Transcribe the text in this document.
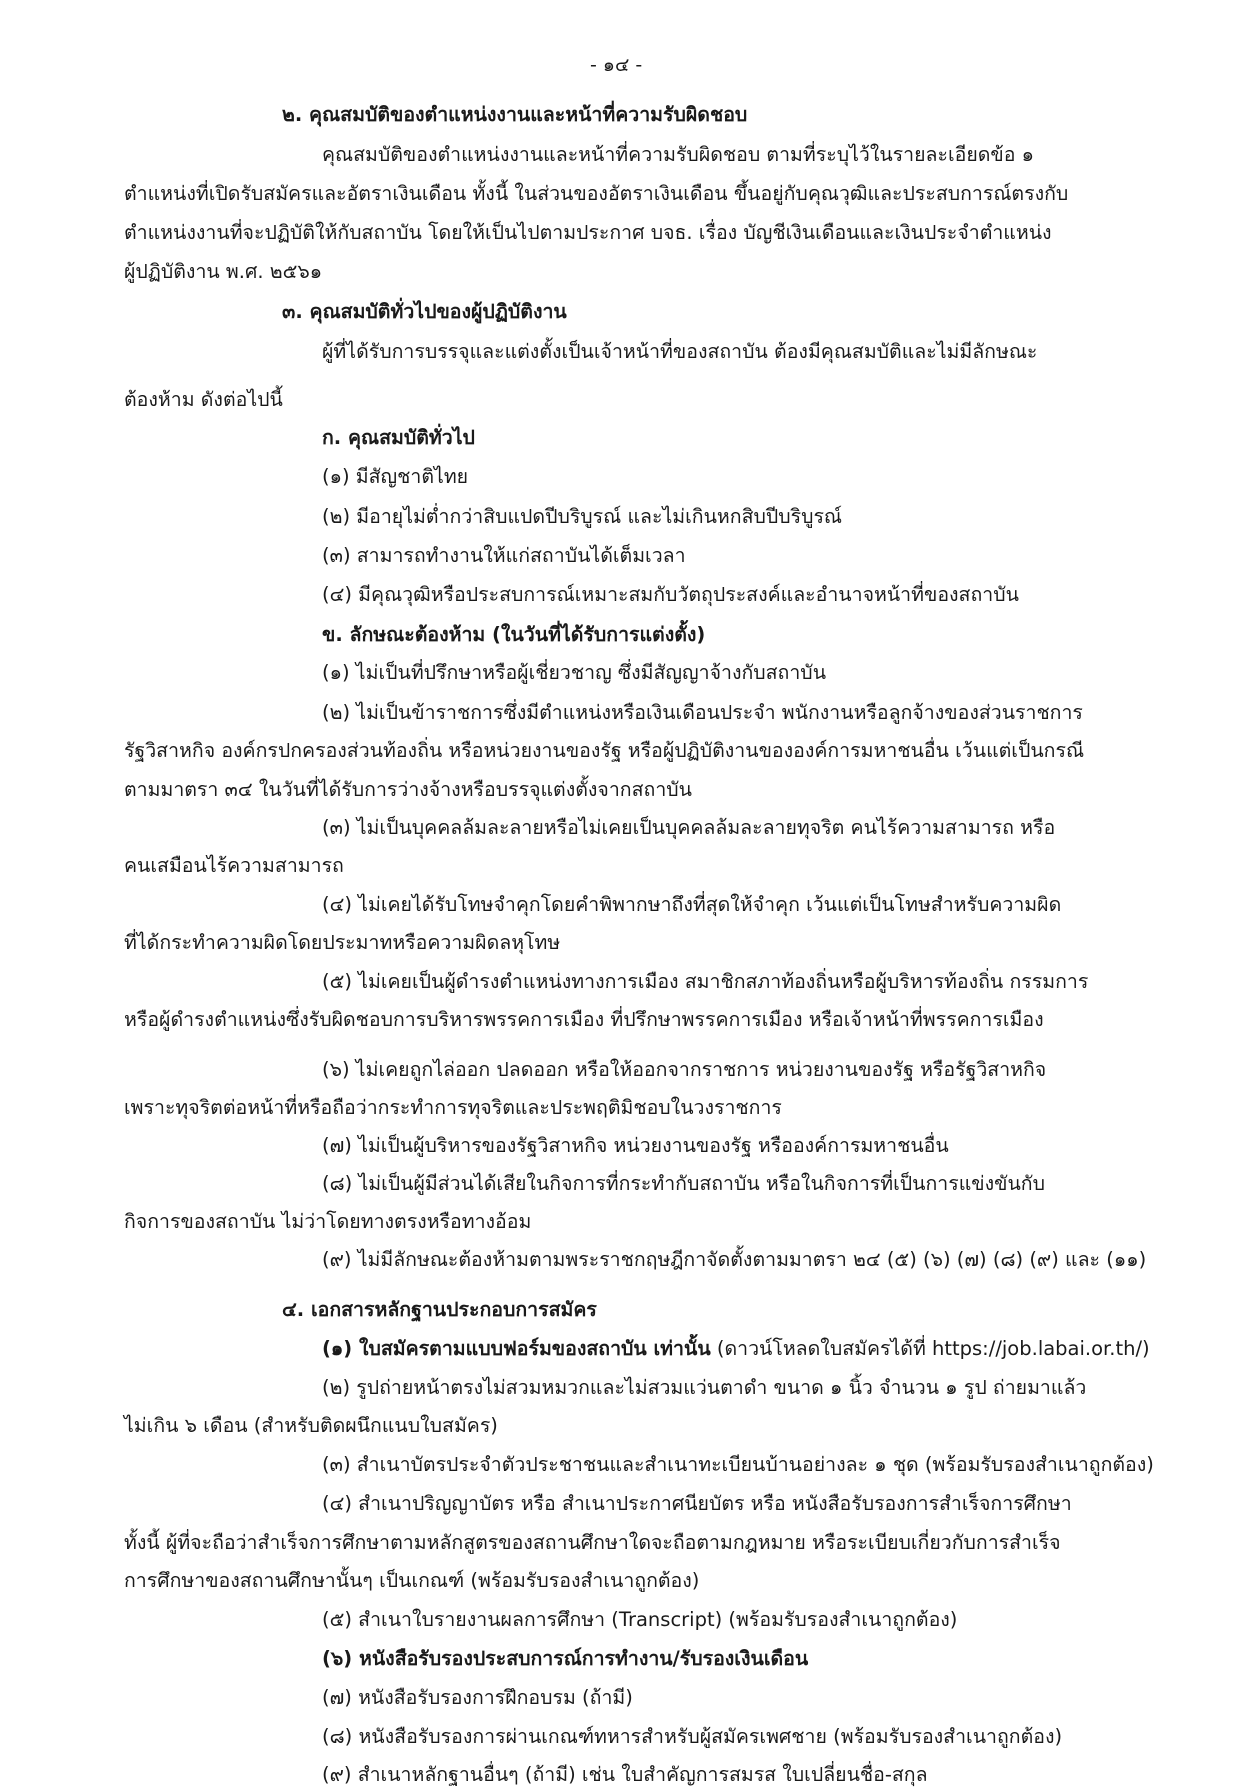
- ๑๔ -
๒. คุณสมบัติของตำแหน่งงานและหน้าที่ความรับผิดชอบ
คุณสมบัติของตำแหน่งงานและหน้าที่ความรับผิดชอบ ตามที่ระบุไว้ในรายละเอียดข้อ ๑
ตำแหน่งที่เปิดรับสมัครและอัตราเงินเดือน ทั้งนี้ ในส่วนของอัตราเงินเดือน ขึ้นอยู่กับคุณวุฒิและประสบการณ์ตรงกับ
ตำแหน่งงานที่จะปฏิบัติให้กับสถาบัน โดยให้เป็นไปตามประกาศ บจธ. เรื่อง บัญชีเงินเดือนและเงินประจำตำแหน่ง
ผู้ปฏิบัติงาน พ.ศ. ๒๕๖๑
๓. คุณสมบัติทั่วไปของผู้ปฏิบัติงาน
ผู้ที่ได้รับการบรรจุและแต่งตั้งเป็นเจ้าหน้าที่ของสถาบัน ต้องมีคุณสมบัติและไม่มีลักษณะ
ต้องห้าม ดังต่อไปนี้
ก. คุณสมบัติทั่วไป
(๑) มีสัญชาติไทย
(๒) มีอายุไม่ต่ำกว่าสิบแปดปีบริบูรณ์ และไม่เกินหกสิบปีบริบูรณ์
(๓) สามารถทำงานให้แก่สถาบันได้เต็มเวลา
(๔) มีคุณวุฒิหรือประสบการณ์เหมาะสมกับวัตถุประสงค์และอำนาจหน้าที่ของสถาบัน
ข. ลักษณะต้องห้าม (ในวันที่ได้รับการแต่งตั้ง)
(๑) ไม่เป็นที่ปรึกษาหรือผู้เชี่ยวชาญ ซึ่งมีสัญญาจ้างกับสถาบัน
(๒) ไม่เป็นข้าราชการซึ่งมีตำแหน่งหรือเงินเดือนประจำ พนักงานหรือลูกจ้างของส่วนราชการ
รัฐวิสาหกิจ องค์กรปกครองส่วนท้องถิ่น หรือหน่วยงานของรัฐ หรือผู้ปฏิบัติงานขององค์การมหาชนอื่น เว้นแต่เป็นกรณี
ตามมาตรา ๓๔ ในวันที่ได้รับการว่างจ้างหรือบรรจุแต่งตั้งจากสถาบัน
(๓) ไม่เป็นบุคคลล้มละลายหรือไม่เคยเป็นบุคคลล้มละลายทุจริต คนไร้ความสามารถ หรือ
คนเสมือนไร้ความสามารถ
(๔) ไม่เคยได้รับโทษจำคุกโดยคำพิพากษาถึงที่สุดให้จำคุก เว้นแต่เป็นโทษสำหรับความผิด
ที่ได้กระทำความผิดโดยประมาทหรือความผิดลหุโทษ
(๕) ไม่เคยเป็นผู้ดำรงตำแหน่งทางการเมือง สมาชิกสภาท้องถิ่นหรือผู้บริหารท้องถิ่น กรรมการ
หรือผู้ดำรงตำแหน่งซึ่งรับผิดชอบการบริหารพรรคการเมือง ที่ปรึกษาพรรคการเมือง หรือเจ้าหน้าที่พรรคการเมือง
(๖) ไม่เคยถูกไล่ออก ปลดออก หรือให้ออกจากราชการ หน่วยงานของรัฐ หรือรัฐวิสาหกิจ
เพราะทุจริตต่อหน้าที่หรือถือว่ากระทำการทุจริตและประพฤติมิชอบในวงราชการ
(๗) ไม่เป็นผู้บริหารของรัฐวิสาหกิจ หน่วยงานของรัฐ หรือองค์การมหาชนอื่น
(๘) ไม่เป็นผู้มีส่วนได้เสียในกิจการที่กระทำกับสถาบัน หรือในกิจการที่เป็นการแข่งขันกับ
กิจการของสถาบัน ไม่ว่าโดยทางตรงหรือทางอ้อม
(๙) ไม่มีลักษณะต้องห้ามตามพระราชกฤษฎีกาจัดตั้งตามมาตรา ๒๔ (๕) (๖) (๗) (๘) (๙) และ (๑๑)
๔. เอกสารหลักฐานประกอบการสมัคร
(๑) ใบสมัครตามแบบฟอร์มของสถาบัน เท่านั้น (ดาวน์โหลดใบสมัครได้ที่ https://job.labai.or.th/)
(๒) รูปถ่ายหน้าตรงไม่สวมหมวกและไม่สวมแว่นตาดำ ขนาด ๑ นิ้ว จำนวน ๑ รูป ถ่ายมาแล้ว
ไม่เกิน ๖ เดือน (สำหรับติดผนึกแนบใบสมัคร)
(๓) สำเนาบัตรประจำตัวประชาชนและสำเนาทะเบียนบ้านอย่างละ ๑ ชุด (พร้อมรับรองสำเนาถูกต้อง)
(๔) สำเนาปริญญาบัตร หรือ สำเนาประกาศนียบัตร หรือ หนังสือรับรองการสำเร็จการศึกษา
ทั้งนี้ ผู้ที่จะถือว่าสำเร็จการศึกษาตามหลักสูตรของสถานศึกษาใดจะถือตามกฎหมาย หรือระเบียบเกี่ยวกับการสำเร็จ
การศึกษาของสถานศึกษานั้นๆ เป็นเกณฑ์ (พร้อมรับรองสำเนาถูกต้อง)
(๕) สำเนาใบรายงานผลการศึกษา (Transcript) (พร้อมรับรองสำเนาถูกต้อง)
(๖) หนังสือรับรองประสบการณ์การทำงาน/รับรองเงินเดือน
(๗) หนังสือรับรองการฝึกอบรม (ถ้ามี)
(๘) หนังสือรับรองการผ่านเกณฑ์ทหารสำหรับผู้สมัครเพศชาย (พร้อมรับรองสำเนาถูกต้อง)
(๙) สำเนาหลักฐานอื่นๆ (ถ้ามี) เช่น ใบสำคัญการสมรส ใบเปลี่ยนชื่อ-สกุล
